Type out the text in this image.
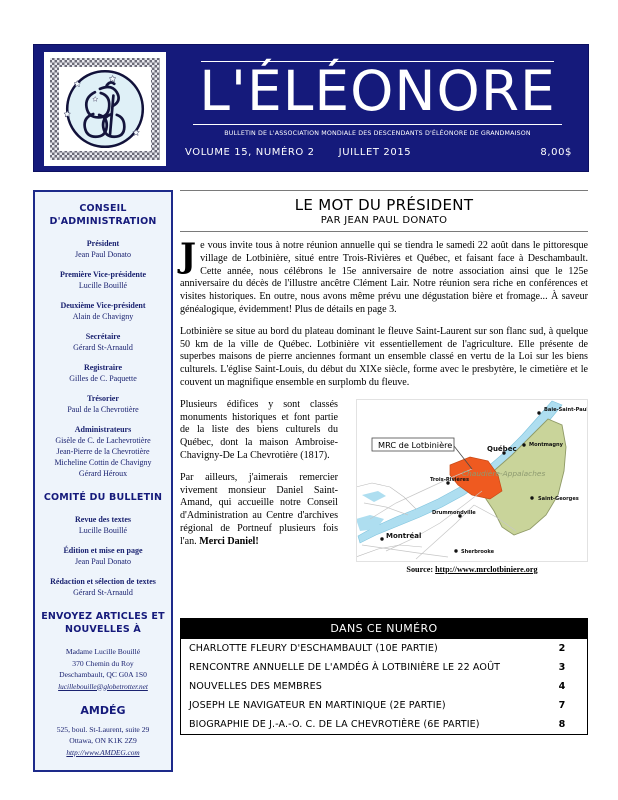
L'ÉLÉONORE
BULLETIN DE L'ASSOCIATION MONDIALE DES DESCENDANTS D'ÉLÉONORE DE GRANDMAISON
VOLUME 15, NUMÉRO 2 JUILLET 2015	8,00$
CONSEIL D'ADMINISTRATION
Président
Jean Paul Donato
Première Vice-présidente
Lucille Bouillé
Deuxième Vice-président
Alain de Chavigny
Secrétaire
Gérard St-Arnauld
Registraire
Gilles de C. Paquette
Trésorier
Paul de la Chevrotière
Administrateurs
Gisèle de C. de Lachevrotière
Jean-Pierre de la Chevrotière
Micheline Cottin de Chavigny
Gérard Héroux
COMITÉ DU BULLETIN
Revue des textes
Lucille Bouillé
Édition et mise en page
Jean Paul Donato
Rédaction et sélection de textes
Gérard St-Arnauld
ENVOYEZ ARTICLES ET NOUVELLES À
Madame Lucille Bouillé
370 Chemin du Roy
Deschambault, QC G0A 1S0
lucillebouille@globetrotter.net
AMDÉG
525, boul. St-Laurent, suite 29
Ottawa, ON K1K 2Z9
http://www.AMDEG.com
LE MOT DU PRÉSIDENT
PAR JEAN PAUL DONATO

Je vous invite tous à notre réunion annuelle qui se tiendra le samedi 22 août dans le pittoresque village de Lotbinière, situé entre Trois-Rivières et Québec, et faisant face à Deschambault. Cette année, nous célébrons le 15e anniversaire de notre association ainsi que le 125e anniversaire du décès de l'illustre ancêtre Clément Lair. Notre réunion sera riche en conférences et visites historiques. En outre, nous avons même prévu une dégustation bière et fromage... À saveur généalogique, évidemment! Plus de détails en page 3.

Lotbinière se situe au bord du plateau dominant le fleuve Saint-Laurent sur son flanc sud, à quelque 50 km de la ville de Québec. Lotbinière vit essentiellement de l'agriculture. Elle présente de superbes maisons de pierre anciennes formant un ensemble classé en vertu de la Loi sur les biens culturels. L'église Saint-Louis, du début du XIXe siècle, forme avec le presbytère, le cimetière et le couvent un magnifique ensemble en surplomb du fleuve.

Baie-Saint-Paul
Montmagny
Québec
Trois-Rivières
Saint-Georges
Drummondville
Montréal
Sherbrooke
Chaudière-Appalaches
MRC de Lotbinière
Source: http://www.mrclotbiniere.org

Plusieurs édifices y sont classés monuments historiques et font partie de la liste des biens culturels du Québec, dont la maison Ambroise-Chavigny-De La Chevrotière (1817).

Par ailleurs, j'aimerais remercier vivement monsieur Daniel Saint-Amand, qui accueille notre Conseil d'Administration au Centre d'archives régional de Portneuf plusieurs fois l'an. Merci Daniel!

DANS CE NUMÉRO
CHARLOTTE FLEURY D'ESCHAMBAULT (10E PARTIE)	2
RENCONTRE ANNUELLE DE L'AMDÉG À LOTBINIÈRE LE 22 AOÛT	3
NOUVELLES DES MEMBRES	4
JOSEPH LE NAVIGATEUR EN MARTINIQUE (2E PARTIE)	7
BIOGRAPHIE DE J.-A.-O. C. DE LA CHEVROTIÈRE (6E PARTIE)	8
